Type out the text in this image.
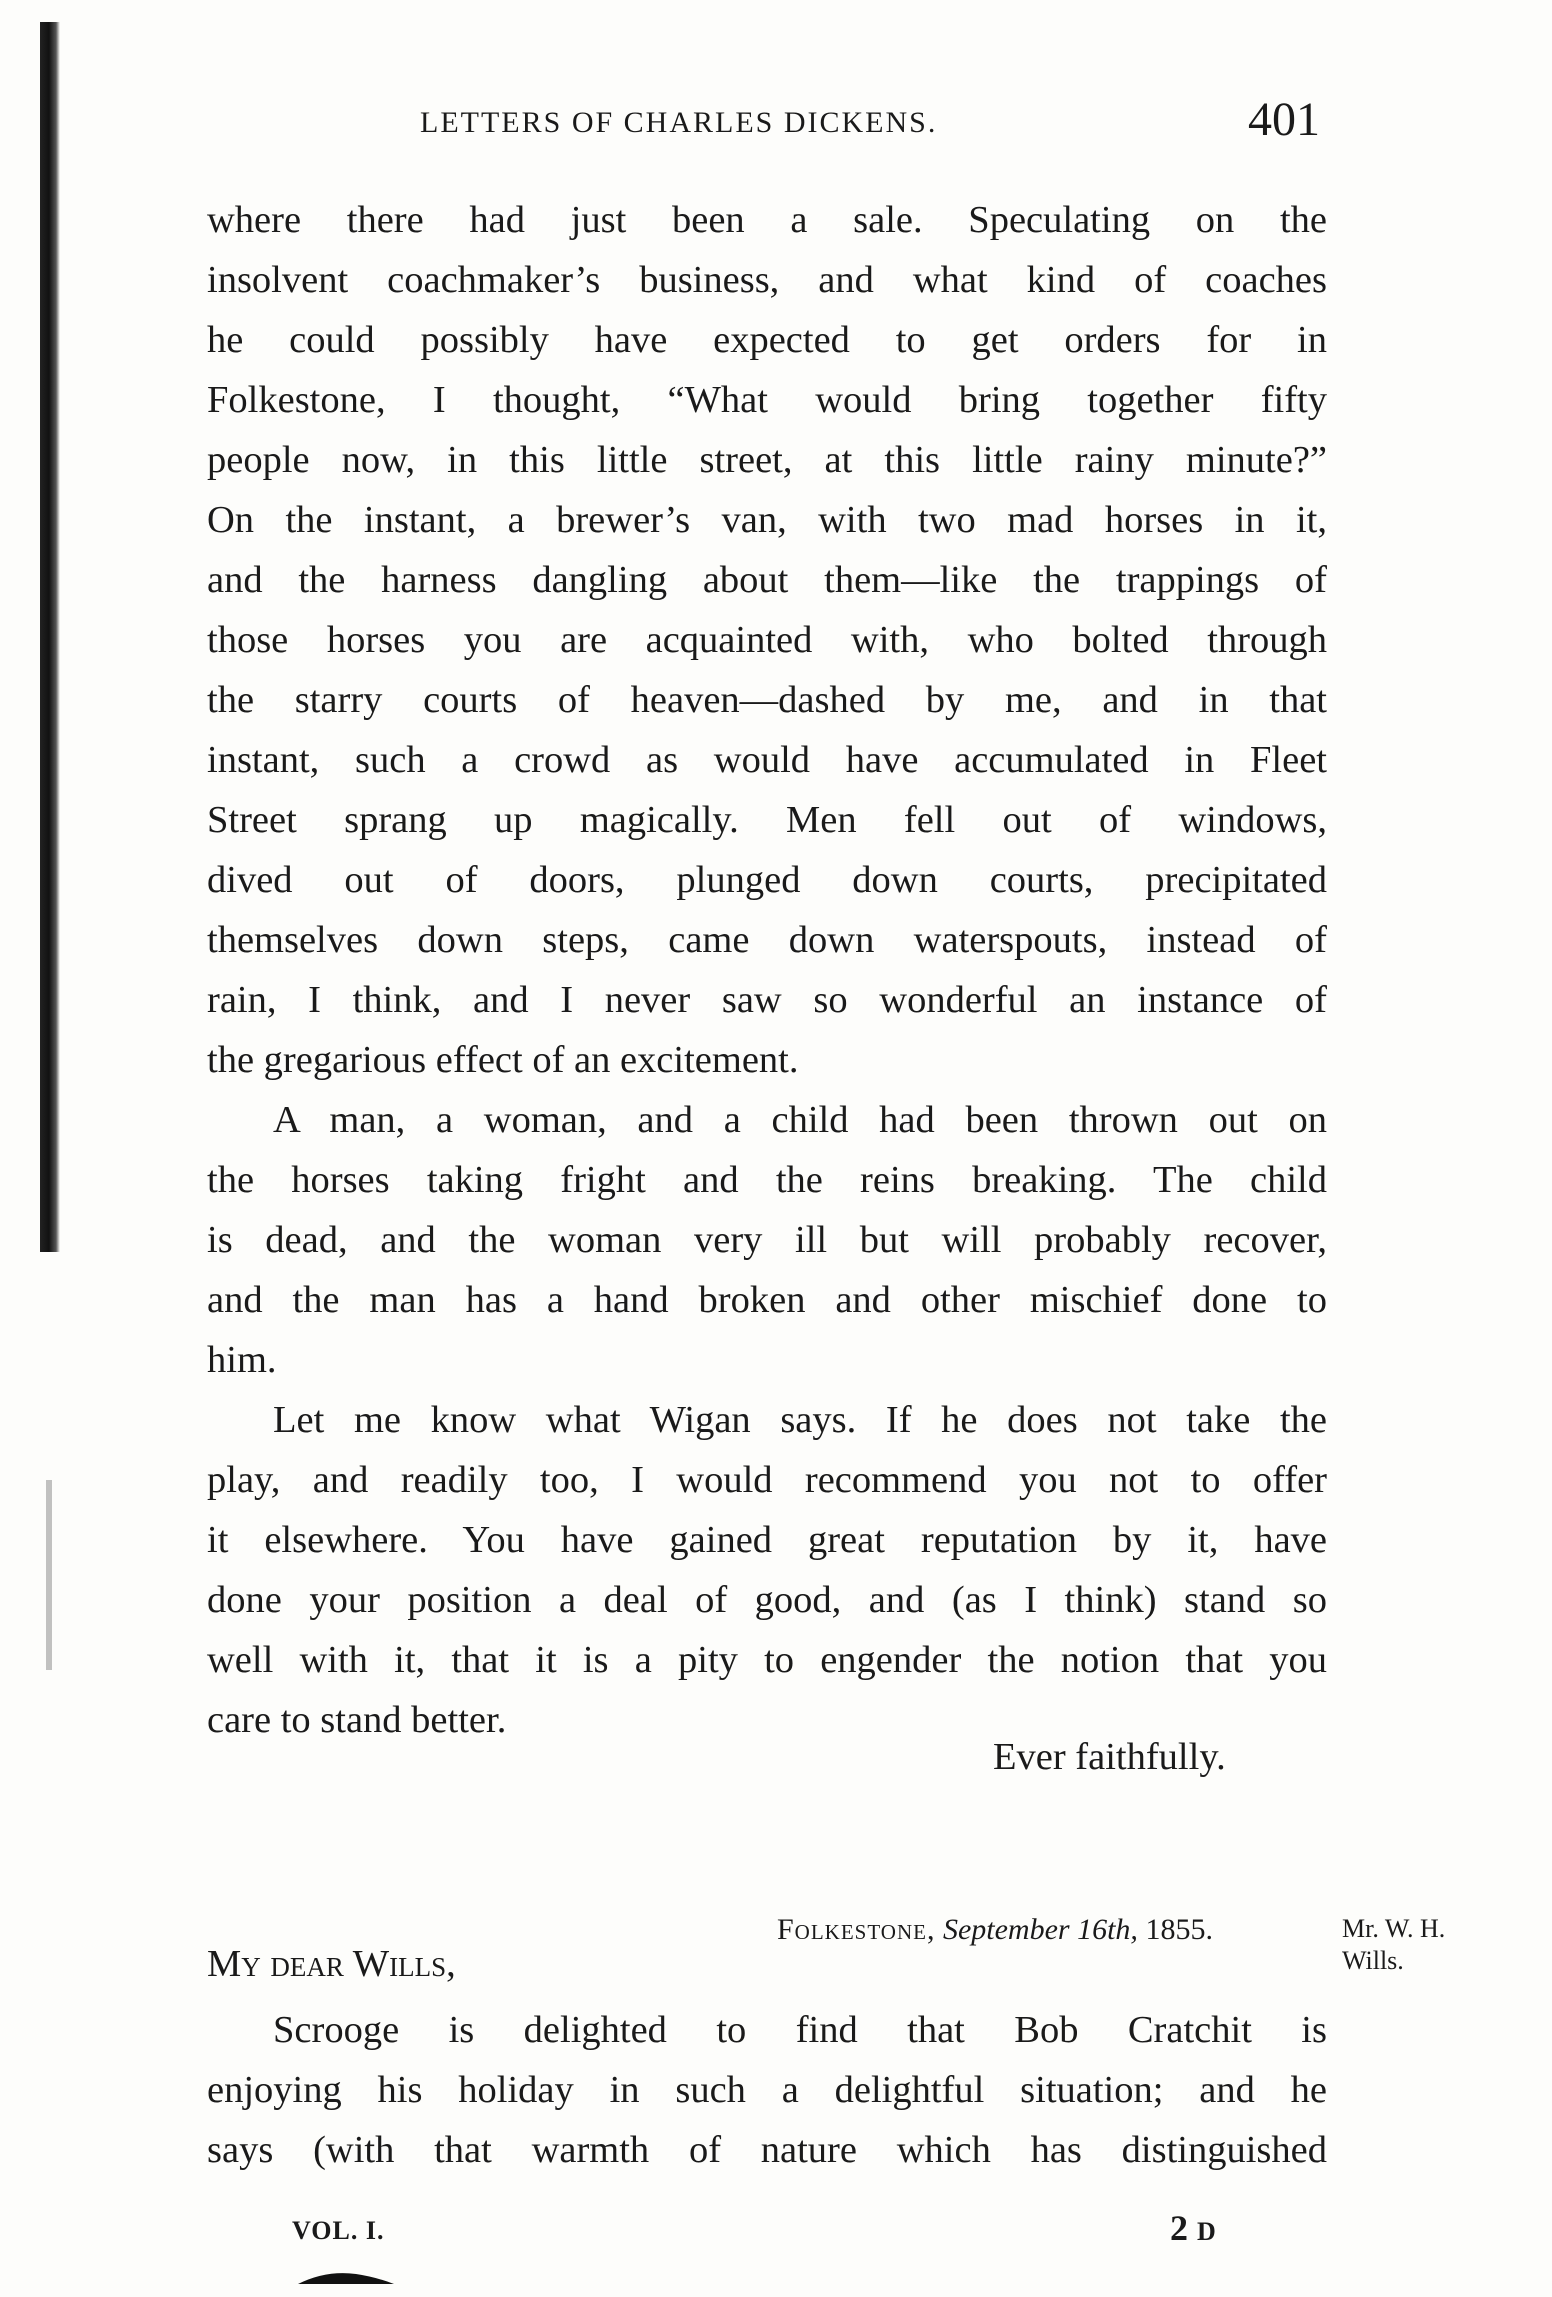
LETTERS OF CHARLES DICKENS.	401
where there had just been a sale. Speculating on the
insolvent coachmaker’s business, and what kind of coaches
he could possibly have expected to get orders for in
Folkestone, I thought, “What would bring together fifty
people now, in this little street, at this little rainy minute?”
On the instant, a brewer’s van, with two mad horses in it,
and the harness dangling about them—like the trappings of
those horses you are acquainted with, who bolted through
the starry courts of heaven—dashed by me, and in that
instant, such a crowd as would have accumulated in Fleet
Street sprang up magically. Men fell out of windows,
dived out of doors, plunged down courts, precipitated
themselves down steps, came down waterspouts, instead of
rain, I think, and I never saw so wonderful an instance of
the gregarious effect of an excitement.
A man, a woman, and a child had been thrown out on
the horses taking fright and the reins breaking. The child
is dead, and the woman very ill but will probably recover,
and the man has a hand broken and other mischief done to
him.
Let me know what Wigan says. If he does not take the
play, and readily too, I would recommend you not to offer
it elsewhere. You have gained great reputation by it, have
done your position a deal of good, and (as I think) stand so
well with it, that it is a pity to engender the notion that you
care to stand better.
Ever faithfully.
Folkestone, September 16th, 1855.	Mr. W. H.
Wills.
My dear Wills,
Scrooge is delighted to find that Bob Cratchit is
enjoying his holiday in such a delightful situation; and he
says (with that warmth of nature which has distinguished
VOL. I.	2 D
